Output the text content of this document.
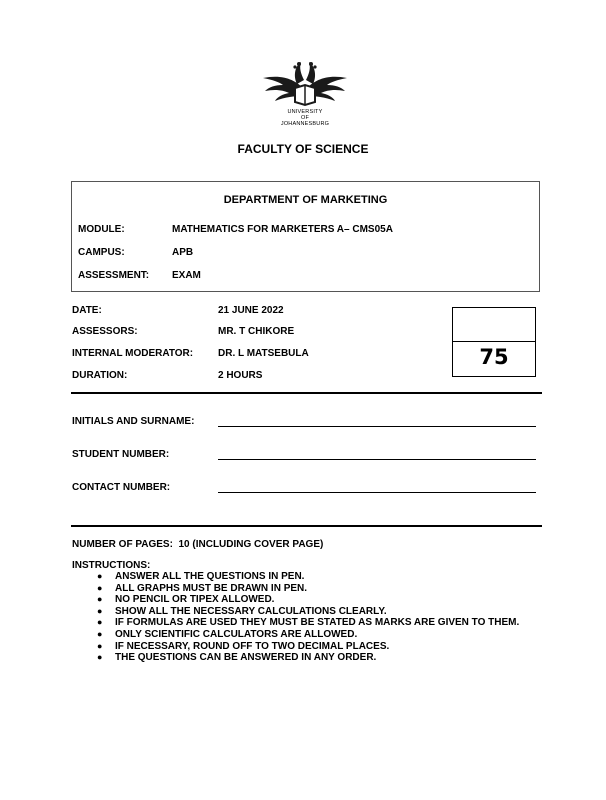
UNIVERSITY
OF
JOHANNESBURG
FACULTY OF SCIENCE
DEPARTMENT OF MARKETING
MODULE:	MATHEMATICS FOR MARKETERS A– CMS05A
CAMPUS:	APB
ASSESSMENT: EXAM
DATE:	21 JUNE 2022
ASSESSORS:	MR. T CHIKORE
INTERNAL MODERATOR: DR. L MATSEBULA
DURATION:	2 HOURS
75
INITIALS AND SURNAME:
STUDENT NUMBER:
CONTACT NUMBER:
NUMBER OF PAGES: 10 (INCLUDING COVER PAGE)
INSTRUCTIONS:
● ANSWER ALL THE QUESTIONS IN PEN.
● ALL GRAPHS MUST BE DRAWN IN PEN.
● NO PENCIL OR TIPEX ALLOWED.
● SHOW ALL THE NECESSARY CALCULATIONS CLEARLY.
● IF FORMULAS ARE USED THEY MUST BE STATED AS MARKS ARE GIVEN TO THEM.
● ONLY SCIENTIFIC CALCULATORS ARE ALLOWED.
● IF NECESSARY, ROUND OFF TO TWO DECIMAL PLACES.
● THE QUESTIONS CAN BE ANSWERED IN ANY ORDER.
